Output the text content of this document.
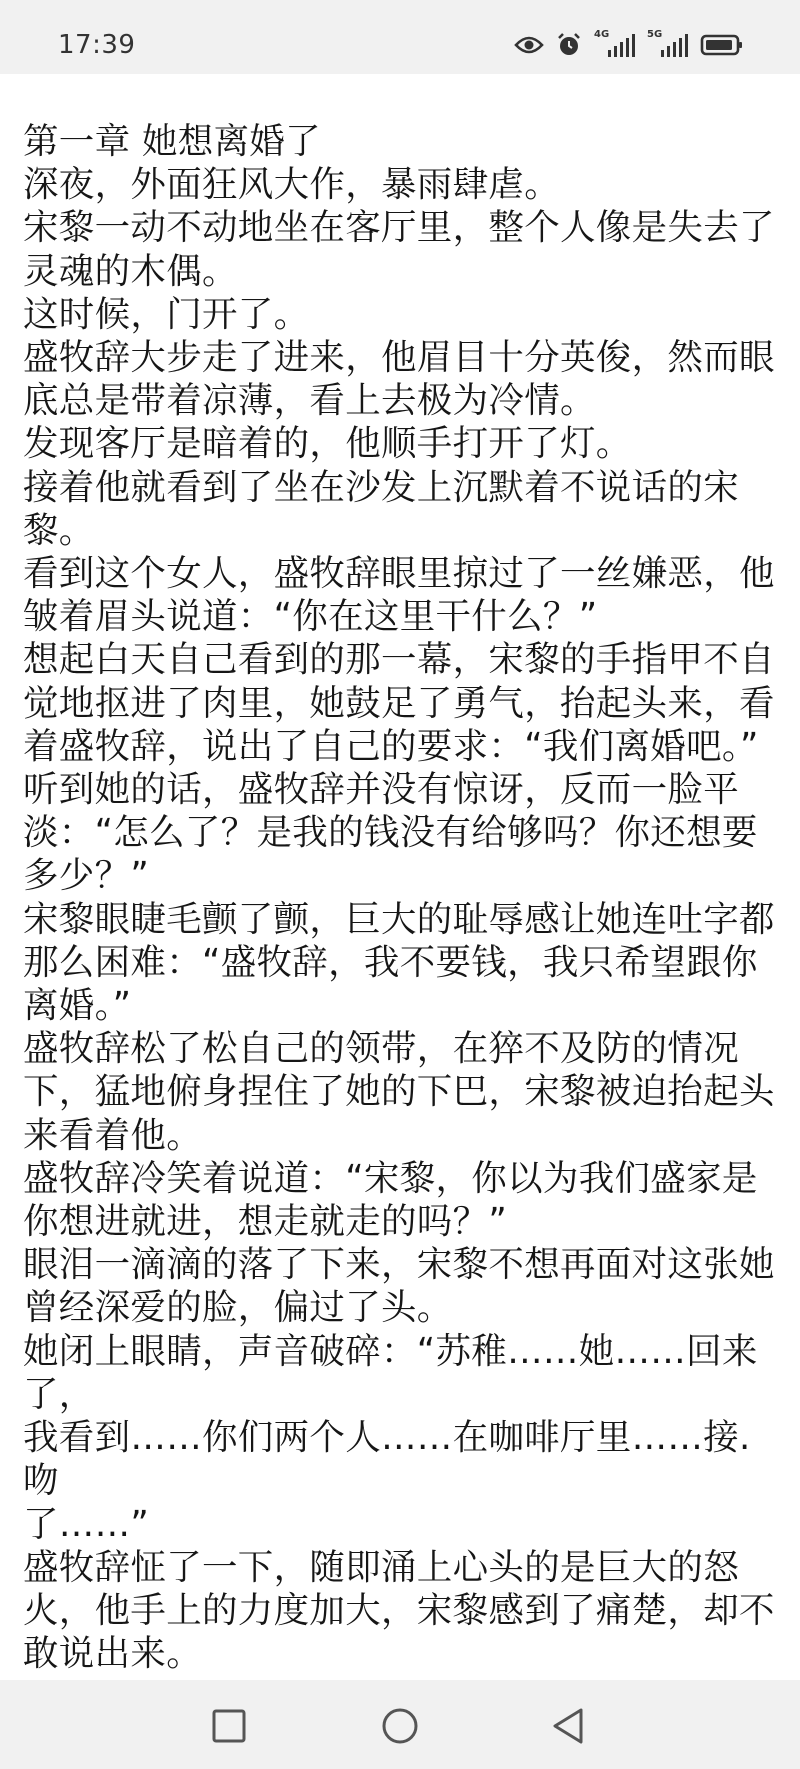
17:39	4G	5G

第一章 她想离婚了

深夜，外面狂风大作，暴雨肆虐。

宋黎一动不动地坐在客厅里，整个人像是失去了
灵魂的木偶。

这时候，门开了。

盛牧辞大步走了进来，他眉目十分英俊，然而眼
底总是带着凉薄，看上去极为冷情。

发现客厅是暗着的，他顺手打开了灯。

接着他就看到了坐在沙发上沉默着不说话的宋
黎。

看到这个女人，盛牧辞眼里掠过了一丝嫌恶，他
皱着眉头说道：“你在这里干什么？”

想起白天自己看到的那一幕，宋黎的手指甲不自
觉地抠进了肉里，她鼓足了勇气，抬起头来，看
着盛牧辞，说出了自己的要求：“我们离婚吧。”

听到她的话，盛牧辞并没有惊讶，反而一脸平
淡：“怎么了？是我的钱没有给够吗？你还想要
多少？”

宋黎眼睫毛颤了颤，巨大的耻辱感让她连吐字都
那么困难：“盛牧辞，我不要钱，我只希望跟你
离婚。”

盛牧辞松了松自己的领带，在猝不及防的情况
下，猛地俯身捏住了她的下巴，宋黎被迫抬起头
来看着他。

盛牧辞冷笑着说道：“宋黎，你以为我们盛家是
你想进就进，想走就走的吗？”

眼泪一滴滴的落了下来，宋黎不想再面对这张她
曾经深爱的脸，偏过了头。

她闭上眼睛，声音破碎：“苏稚……她……回来了，
我看到……你们两个人……在咖啡厅里……接.吻
了……”

盛牧辞怔了一下，随即涌上心头的是巨大的怒
火，他手上的力度加大，宋黎感到了痛楚，却不
敢说出来。
